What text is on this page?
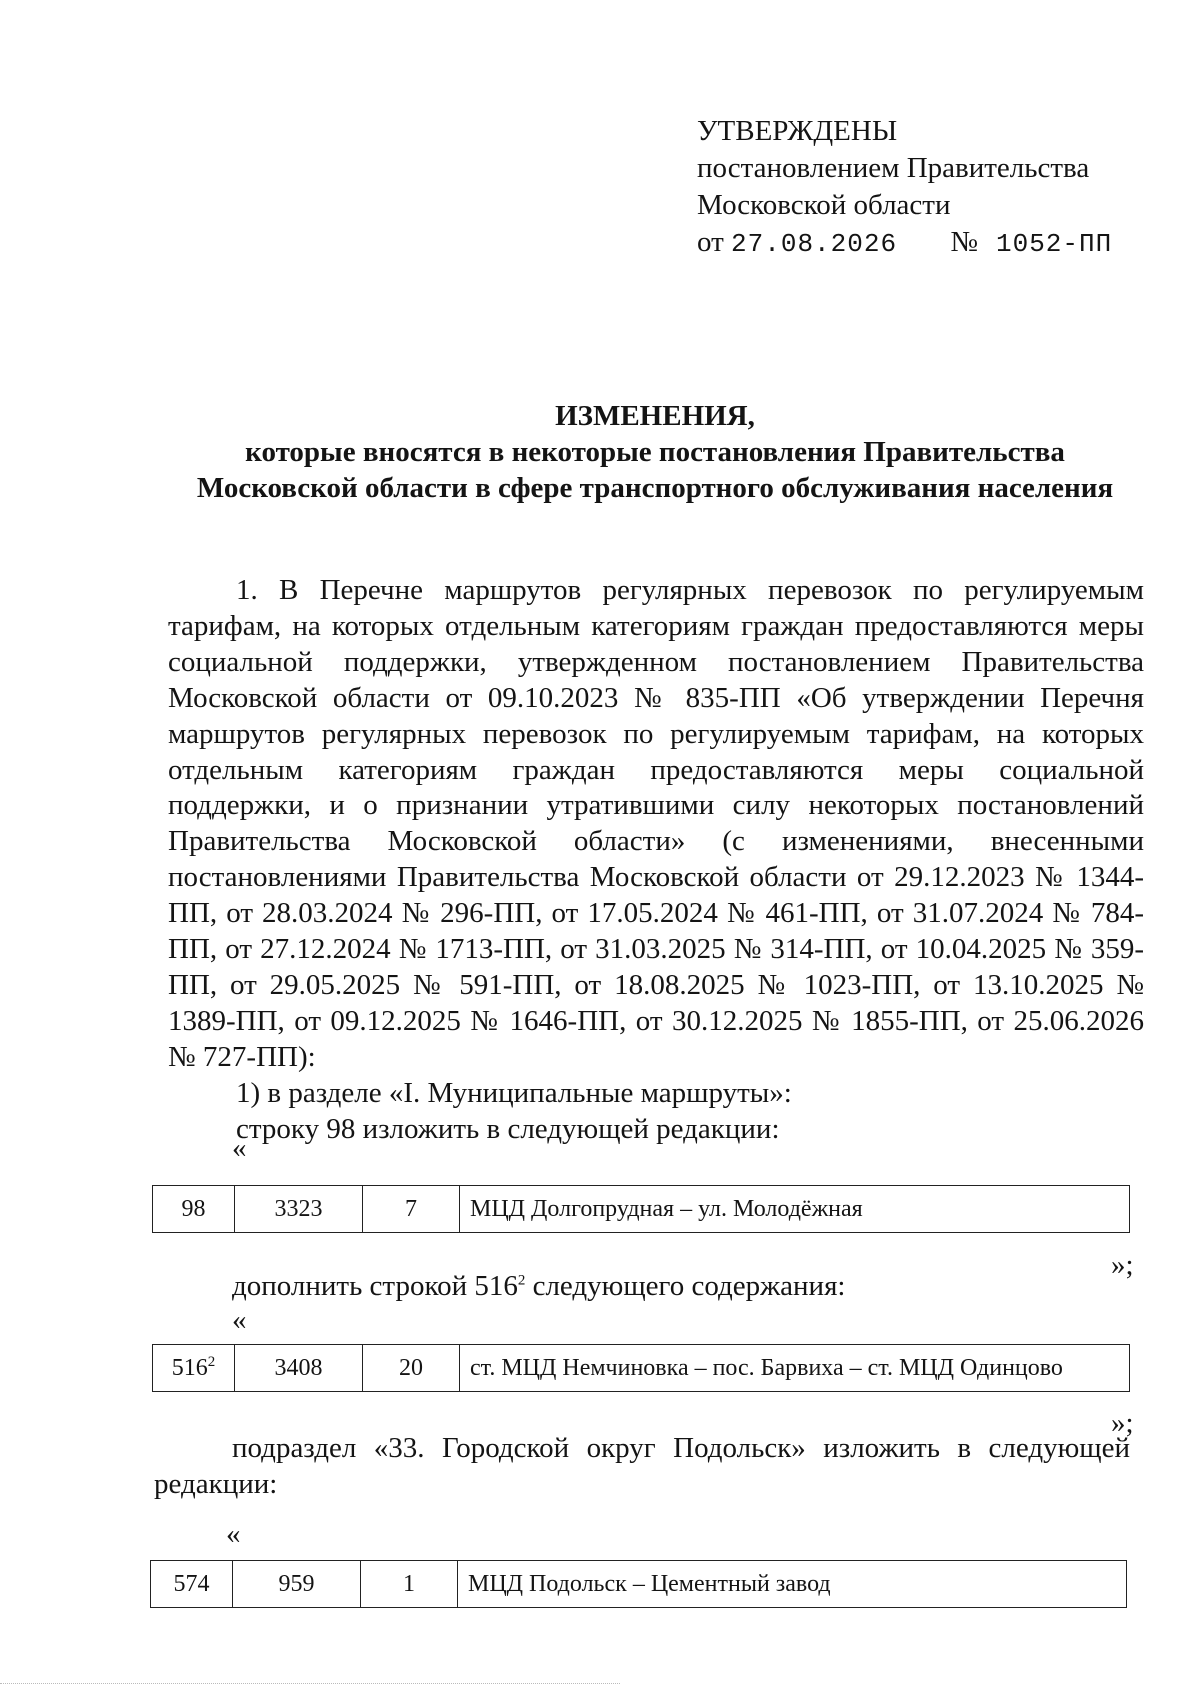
УТВЕРЖДЕНЫ
постановлением Правительства
Московской области
от 27.08.2026 № 1052-ПП
ИЗМЕНЕНИЯ,
которые вносятся в некоторые постановления Правительства
Московской области в сфере транспортного обслуживания населения

1. В Перечне маршрутов регулярных перевозок по регулируемым тарифам, на которых отдельным категориям граждан предоставляются меры социальной поддержки, утвержденном постановлением Правительства Московской области от 09.10.2023 № 835-ПП «Об утверждении Перечня маршрутов регулярных перевозок по регулируемым тарифам, на которых отдельным категориям граждан предоставляются меры социальной поддержки, и о признании утратившими силу некоторых постановлений Правительства Московской области» (с изменениями, внесенными постановлениями Правительства Московской области от 29.12.2023 № 1344-ПП, от 28.03.2024 № 296-ПП, от 17.05.2024 № 461-ПП, от 31.07.2024 № 784-ПП, от 27.12.2024 № 1713-ПП, от 31.03.2025 № 314-ПП, от 10.04.2025 № 359-ПП, от 29.05.2025 № 591-ПП, от 18.08.2025 № 1023-ПП, от 13.10.2025 № 1389-ПП, от 09.12.2025 № 1646-ПП, от 30.12.2025 № 1855-ПП, от 25.06.2026 № 727-ПП):

1) в разделе «I. Муниципальные маршруты»:

строку 98 изложить в следующей редакции:

«
98	3323	7	МЦД Долгопрудная – ул. Молодёжная
»;
дополнить строкой $516^2$ следующего содержания:
«
$516^2$	3408	20	ст. МЦД Немчиновка – пос. Барвиха – ст. МЦД Одинцово
»;
подраздел «33. Городской округ Подольск» изложить в следующей редакции:
«
574	959	1	МЦД Подольск – Цементный завод
